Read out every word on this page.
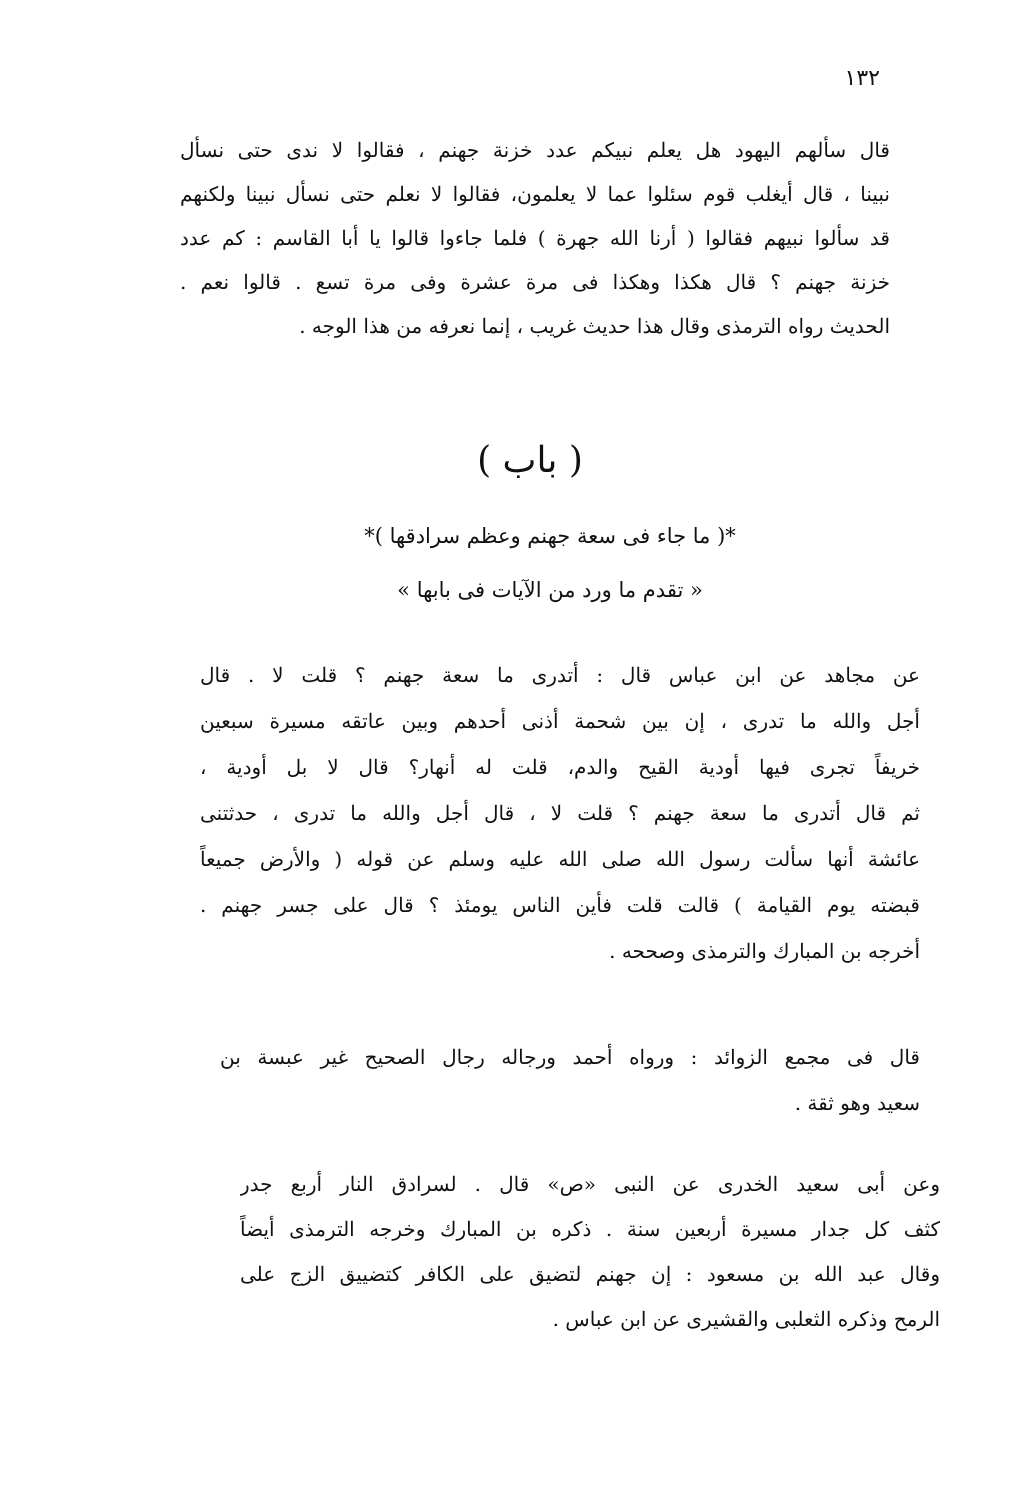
١٣٢
قال سألهم اليهود هل يعلم نبيكم عدد خزنة جهنم ، فقالوا لا ندى حتى نسأل
نبينا ، قال أيغلب قوم سئلوا عما لا يعلمون، فقالوا لا نعلم حتى نسأل نبينا ولكنهم
قد سألوا نبيهم فقالوا ( أرنا الله جهرة ) فلما جاءوا قالوا يا أبا القاسم : كم عدد
خزنة جهنم ؟ قال هكذا وهكذا فى مرة عشرة وفى مرة تسع . قالوا نعم .
الحديث رواه الترمذى وقال هذا حديث غريب ، إنما نعرفه من هذا الوجه .
( باب )
*( ما جاء فى سعة جهنم وعظم سرادقها )*
« تقدم ما ورد من الآيات فى بابها »
عن مجاهد عن ابن عباس قال : أتدرى ما سعة جهنم ؟ قلت لا . قال
أجل والله ما تدرى ، إن بين شحمة أذنى أحدهم وبين عاتقه مسيرة سبعين
خريفاً تجرى فيها أودية القيح والدم، قلت له أنهار؟ قال لا بل أودية ،
ثم قال أتدرى ما سعة جهنم ؟ قلت لا ، قال أجل والله ما تدرى ، حدثتنى
عائشة أنها سألت رسول الله صلى الله عليه وسلم عن قوله ( والأرض جميعاً
قبضته يوم القيامة ) قالت قلت فأين الناس يومئذ ؟ قال على جسر جهنم .
أخرجه بن المبارك والترمذى وصححه .
قال فى مجمع الزوائد : ورواه أحمد ورجاله رجال الصحيح غير عبسة بن
سعيد وهو ثقة .
وعن أبى سعيد الخدرى عن النبى «ص» قال . لسرادق النار أربع جدر
كثف كل جدار مسيرة أربعين سنة . ذكره بن المبارك وخرجه الترمذى أيضاً
وقال عبد الله بن مسعود : إن جهنم لتضيق على الكافر كتضييق الزج على
الرمح وذكره الثعلبى والقشيرى عن ابن عباس .
